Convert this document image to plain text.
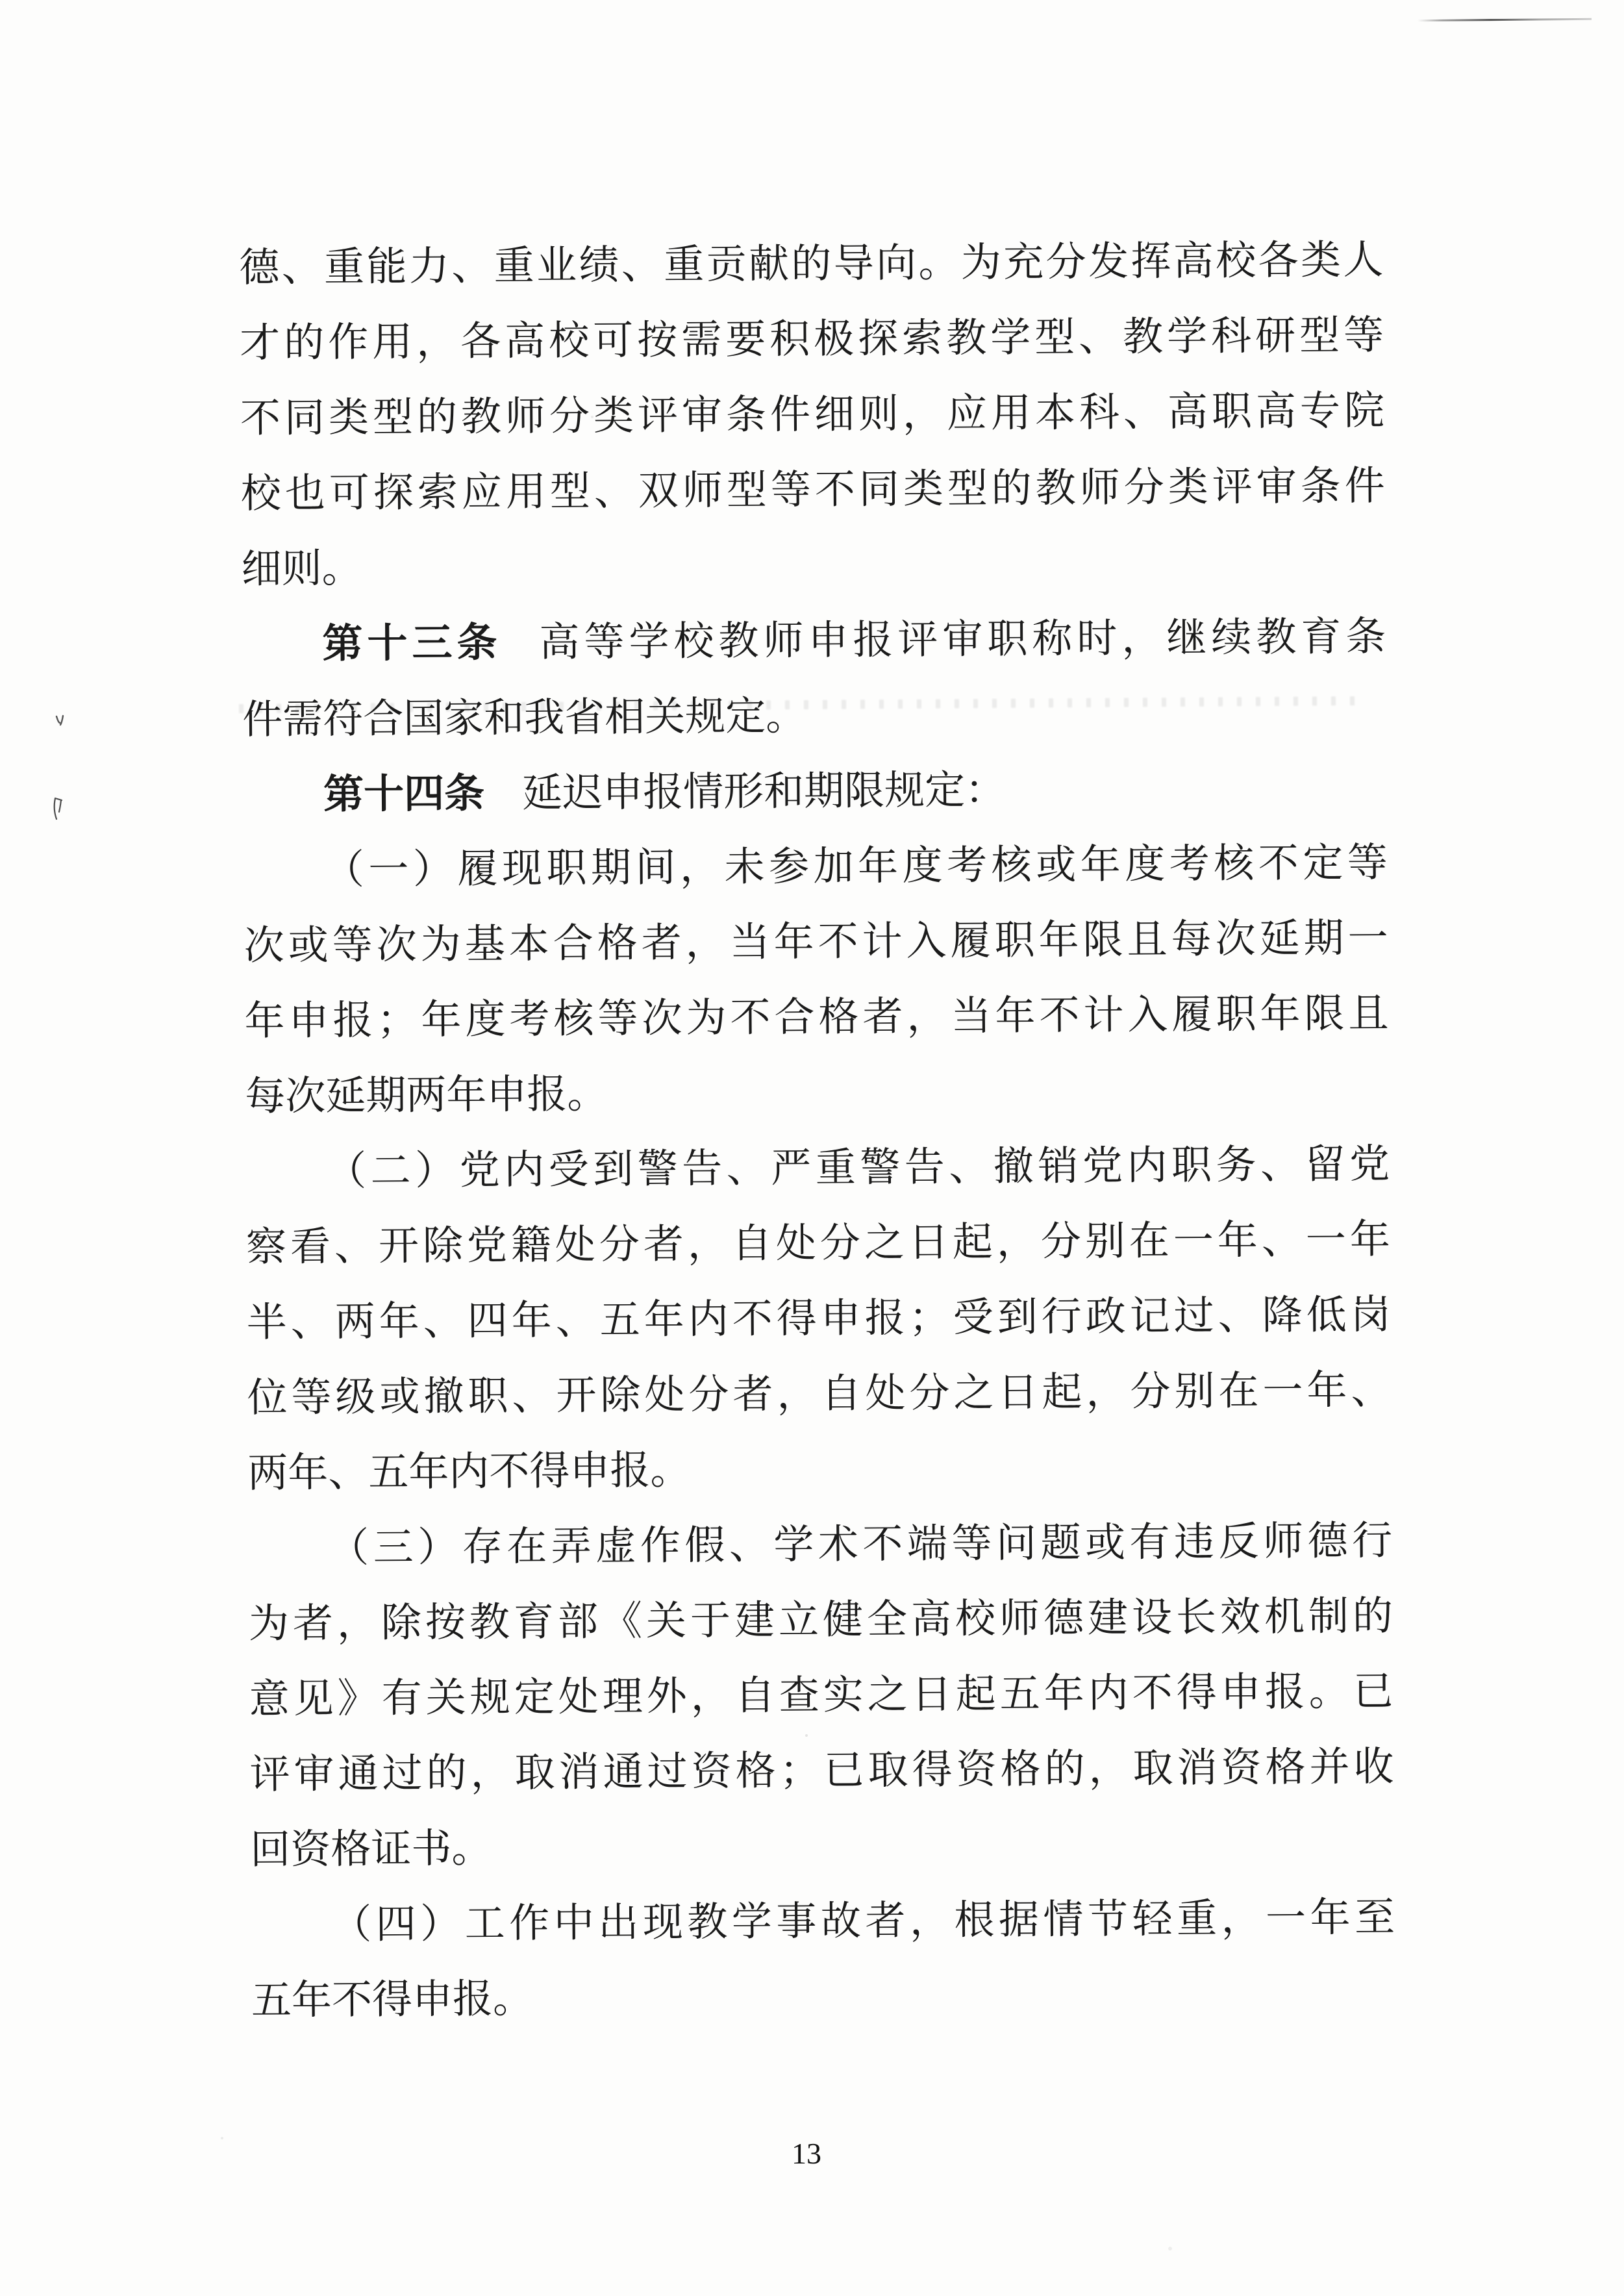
德、重能力、重业绩、重贡献的导向。为充分发挥高校各类人
才的作用，各高校可按需要积极探索教学型、教学科研型等
不同类型的教师分类评审条件细则，应用本科、高职高专院
校也可探索应用型、双师型等不同类型的教师分类评审条件
细则。
第十三条 高等学校教师申报评审职称时，继续教育条
件需符合国家和我省相关规定。
第十四条 延迟申报情形和期限规定：
（一）履现职期间，未参加年度考核或年度考核不定等
次或等次为基本合格者，当年不计入履职年限且每次延期一
年申报；年度考核等次为不合格者，当年不计入履职年限且
每次延期两年申报。
（二）党内受到警告、严重警告、撤销党内职务、留党
察看、开除党籍处分者，自处分之日起，分别在一年、一年
半、两年、四年、五年内不得申报；受到行政记过、降低岗
位等级或撤职、开除处分者，自处分之日起，分别在一年、
两年、五年内不得申报。
（三）存在弄虚作假、学术不端等问题或有违反师德行
为者，除按教育部《关于建立健全高校师德建设长效机制的
意见》有关规定处理外，自查实之日起五年内不得申报。已
评审通过的，取消通过资格；已取得资格的，取消资格并收
回资格证书。
（四）工作中出现教学事故者，根据情节轻重，一年至
五年不得申报。
13
